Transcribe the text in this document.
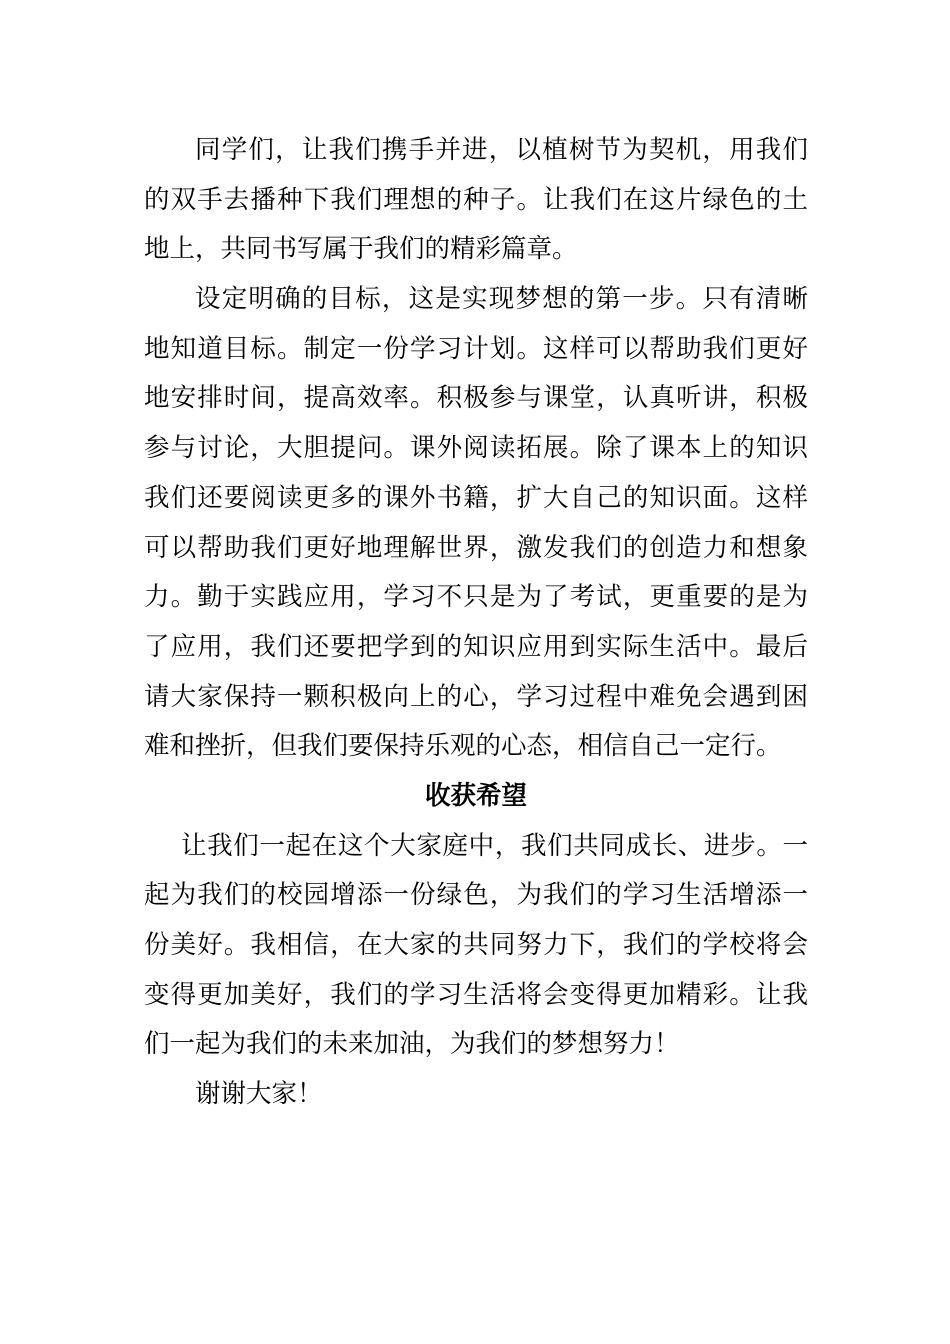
同学们，让我们携手并进，以植树节为契机，用我们
的双手去播种下我们理想的种子。让我们在这片绿色的土
地上，共同书写属于我们的精彩篇章。
设定明确的目标，这是实现梦想的第一步。只有清晰
地知道目标。制定一份学习计划。这样可以帮助我们更好
地安排时间，提高效率。积极参与课堂，认真听讲，积极
参与讨论，大胆提问。课外阅读拓展。除了课本上的知识
我们还要阅读更多的课外书籍，扩大自己的知识面。这样
可以帮助我们更好地理解世界，激发我们的创造力和想象
力。勤于实践应用，学习不只是为了考试，更重要的是为
了应用，我们还要把学到的知识应用到实际生活中。最后
请大家保持一颗积极向上的心，学习过程中难免会遇到困
难和挫折，但我们要保持乐观的心态，相信自己一定行。
收获希望
让我们一起在这个大家庭中，我们共同成长、进步。一
起为我们的校园增添一份绿色，为我们的学习生活增添一
份美好。我相信，在大家的共同努力下，我们的学校将会
变得更加美好，我们的学习生活将会变得更加精彩。让我
们一起为我们的未来加油，为我们的梦想努力！
谢谢大家！
